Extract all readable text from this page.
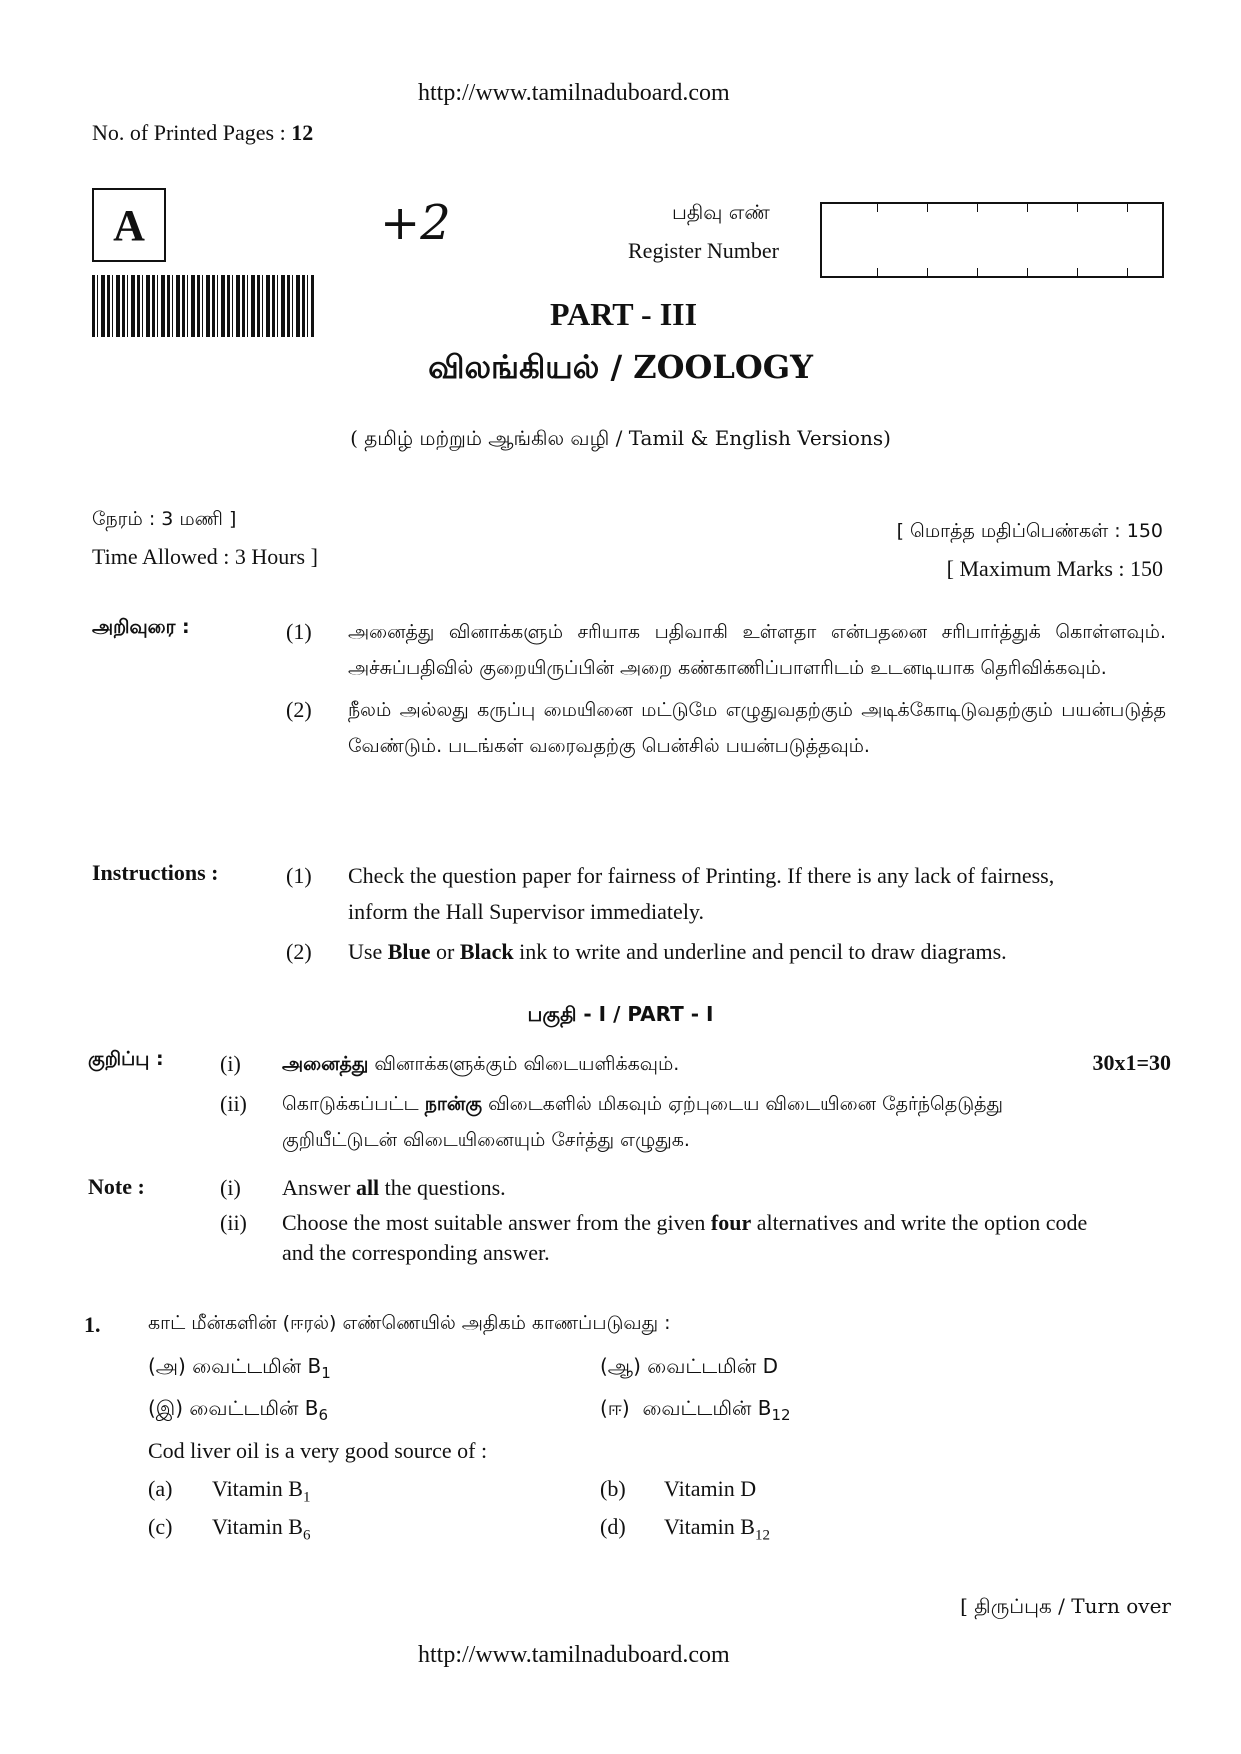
http://www.tamilnaduboard.com
No. of Printed Pages : 12
A	+2	பதிவு எண்
Register Number
PART - III
விலங்கியல் / ZOOLOGY
( தமிழ் மற்றும் ஆங்கில வழி / Tamil & English Versions)
நேரம் : 3 மணி ]
Time Allowed : 3 Hours ]
[ மொத்த மதிப்பெண்கள் : 150
[ Maximum Marks : 150
அறிவுரை :	(1)	அனைத்து வினாக்களும் சரியாக பதிவாகி உள்ளதா என்பதனை சரிபார்த்துக் கொள்ளவும். அச்சுப்பதிவில் குறையிருப்பின் அறை கண்காணிப்பாளரிடம் உடனடியாக தெரிவிக்கவும்.
(2)	நீலம் அல்லது கருப்பு மையினை மட்டுமே எழுதுவதற்கும் அடிக்கோடிடுவதற்கும் பயன்படுத்த வேண்டும். படங்கள் வரைவதற்கு பென்சில் பயன்படுத்தவும்.
Instructions :	(1)	Check the question paper for fairness of Printing. If there is any lack of fairness, inform the Hall Supervisor immediately.
(2)	Use Blue or Black ink to write and underline and pencil to draw diagrams.
பகுதி - I / PART - I
குறிப்பு :	(i)	அனைத்து வினாக்களுக்கும் விடையளிக்கவும்.
(ii)	கொடுக்கப்பட்ட நான்கு விடைகளில் மிகவும் ஏற்புடைய விடையினை தேர்ந்தெடுத்து குறியீட்டுடன் விடையினையும் சேர்த்து எழுதுக.
30x1=30
Note :	(i)	Answer all the questions.
(ii)	Choose the most suitable answer from the given four alternatives and write the option code and the corresponding answer.
1.	காட் மீன்களின் (ஈரல்) எண்ணெயில் அதிகம் காணப்படுவது :
(அ) வைட்டமின் $B_1$	(ஆ) வைட்டமின் D
(இ) வைட்டமின் $B_6$	(ஈ) வைட்டமின் $B_{12}$
Cod liver oil is a very good source of :
(a) Vitamin $B_1$	(b) Vitamin D
(c) Vitamin $B_6$	(d) Vitamin $B_{12}$
[ திருப்புக / Turn over
http://www.tamilnaduboard.com
